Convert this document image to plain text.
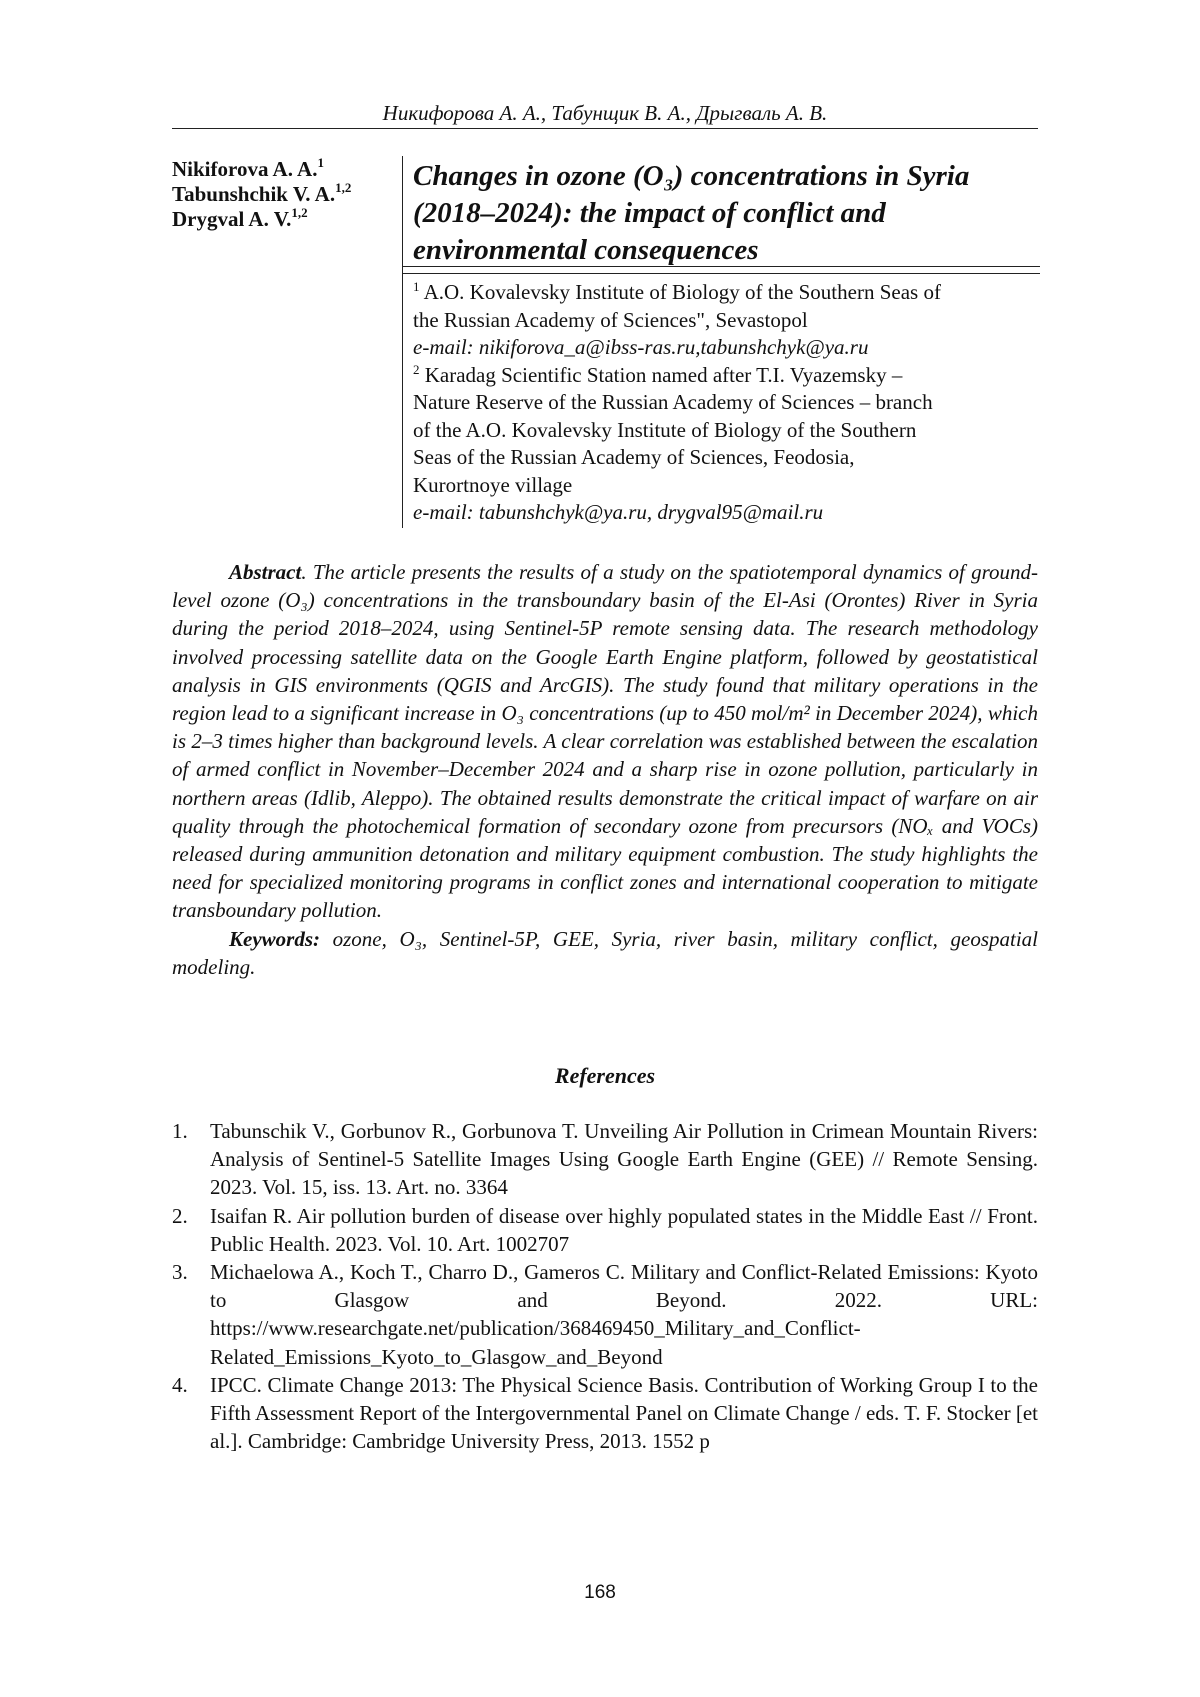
Никифорова А. А., Табунщик В. А., Дрыгваль А. В.
Nikiforova A. A.$^1$
Tabunshchik V. A.$^{1,2}$
Drygval A. V.$^{1,2}$
Changes in ozone (O₃) concentrations in Syria
(2018–2024): the impact of conflict and
environmental consequences
$^1$ A.O. Kovalevsky Institute of Biology of the Southern Seas of
the Russian Academy of Sciences", Sevastopol
e-mail: nikiforova_a@ibss-ras.ru,tabunshchyk@ya.ru
$^2$ Karadag Scientific Station named after T.I. Vyazemsky –
Nature Reserve of the Russian Academy of Sciences – branch
of the A.O. Kovalevsky Institute of Biology of the Southern
Seas of the Russian Academy of Sciences, Feodosia,
Kurortnoye village
e-mail: tabunshchyk@ya.ru, drygval95@mail.ru

Abstract. The article presents the results of a study on the spatiotemporal dynamics of ground-level ozone (O₃) concentrations in the transboundary basin of the El-Asi (Orontes) River in Syria during the period 2018–2024, using Sentinel-5P remote sensing data. The research methodology involved processing satellite data on the Google Earth Engine platform, followed by geostatistical analysis in GIS environments (QGIS and ArcGIS). The study found that military operations in the region lead to a significant increase in O₃ concentrations (up to 450 mol/m² in December 2024), which is 2–3 times higher than background levels. A clear correlation was established between the escalation of armed conflict in November–December 2024 and a sharp rise in ozone pollution, particularly in northern areas (Idlib, Aleppo). The obtained results demonstrate the critical impact of warfare on air quality through the photochemical formation of secondary ozone from precursors (NOₓ and VOCs) released during ammunition detonation and military equipment combustion. The study highlights the need for specialized monitoring programs in conflict zones and international cooperation to mitigate transboundary pollution.

Keywords: ozone, O₃, Sentinel-5P, GEE, Syria, river basin, military conflict, geospatial modeling.

References
1. Tabunschik V., Gorbunov R., Gorbunova T. Unveiling Air Pollution in Crimean Mountain Rivers: Analysis of Sentinel-5 Satellite Images Using Google Earth Engine (GEE) // Remote Sensing. 2023. Vol. 15, iss. 13. Art. no. 3364
2. Isaifan R. Air pollution burden of disease over highly populated states in the Middle East // Front. Public Health. 2023. Vol. 10. Art. 1002707
3. Michaelowa A., Koch T., Charro D., Gameros C. Military and Conflict-Related Emissions: Kyoto to Glasgow and Beyond. 2022. URL: https://www.researchgate.net/publication/368469450_Military_and_Conflict-Related_Emissions_Kyoto_to_Glasgow_and_Beyond
4. IPCC. Climate Change 2013: The Physical Science Basis. Contribution of Working Group I to the Fifth Assessment Report of the Intergovernmental Panel on Climate Change / eds. T. F. Stocker [et al.]. Cambridge: Cambridge University Press, 2013. 1552 p
168
